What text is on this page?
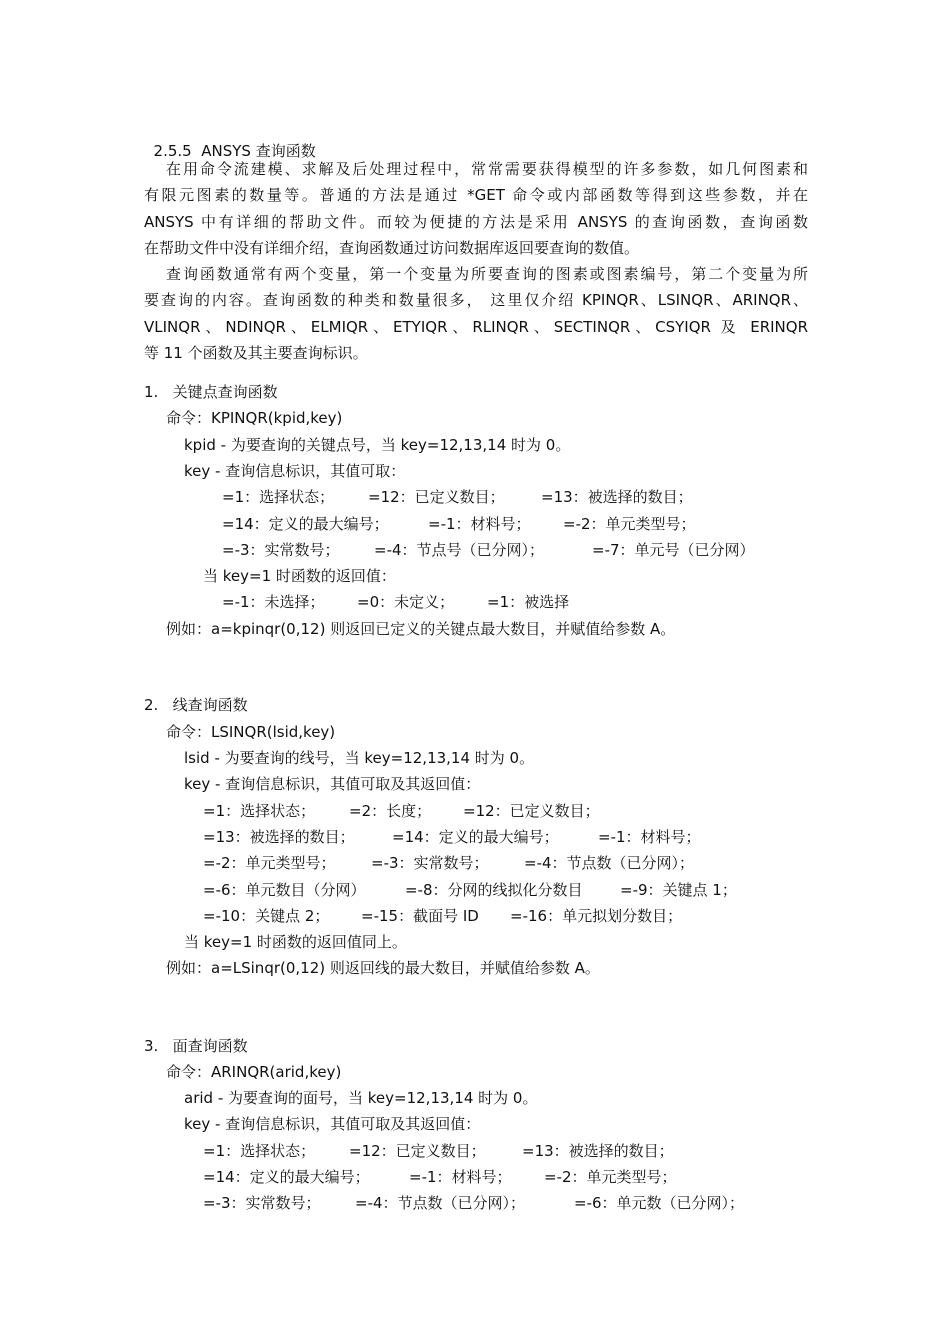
2.5.5 ANSYS 查询函数

在用命令流建模、求解及后处理过程中，常常需要获得模型的许多参数，如几何图素和
有限元图素的数量等。普通的方法是通过 *GET 命令或内部函数等得到这些参数，并在
ANSYS 中有详细的帮助文件。而较为便捷的方法是采用 ANSYS 的查询函数，查询函数
在帮助文件中没有详细介绍，查询函数通过访问数据库返回要查询的数值。
查询函数通常有两个变量，第一个变量为所要查询的图素或图素编号，第二个变量为所
要查询的内容。查询函数的种类和数量很多， 这里仅介绍 KPINQR、LSINQR、ARINQR、
VLINQR、NDINQR、ELMIQR、ETYIQR、RLINQR、SECTINQR、CSYIQR 及 ERINQR
等 11 个函数及其主要查询标识。
1.   关键点查询函数
命令：KPINQR(kpid,key)
kpid - 为要查询的关键点号，当 key=12,13,14 时为 0。
key - 查询信息标识，其值可取：
=1：选择状态； =12：已定义数目； =13：被选择的数目；
=14：定义的最大编号；	=-1：材料号； =-2：单元类型号；
=-3：实常数号； =-4：节点号（已分网）；	=-7：单元号（已分网）
当 key=1 时函数的返回值：
=-1：未选择； =0：未定义； =1：被选择
例如：a=kpinqr(0,12) 则返回已定义的关键点最大数目，并赋值给参数 A。
2.   线查询函数
命令：LSINQR(lsid,key)
lsid - 为要查询的线号，当 key=12,13,14 时为 0。
key - 查询信息标识，其值可取及其返回值：
=1：选择状态； =2：长度； =12：已定义数目；
=13：被选择的数目； =14：定义的最大编号；	=-1：材料号；
=-2：单元类型号； =-3：实常数号； =-4：节点数（已分网）；
=-6：单元数目（分网）	=-8：分网的线拟化分数目 =-9：关键点 1；
=-10：关键点 2； =-15：截面号 ID =-16：单元拟划分数目；
当 key=1 时函数的返回值同上。
例如：a=LSinqr(0,12) 则返回线的最大数目，并赋值给参数 A。
3.   面查询函数
命令：ARINQR(arid,key)
arid - 为要查询的面号，当 key=12,13,14 时为 0。
key - 查询信息标识，其值可取及其返回值：
=1：选择状态； =12：已定义数目； =13：被选择的数目；
=14：定义的最大编号；	=-1：材料号； =-2：单元类型号；
=-3：实常数号； =-4：节点数（已分网）；	=-6：单元数（已分网）；
